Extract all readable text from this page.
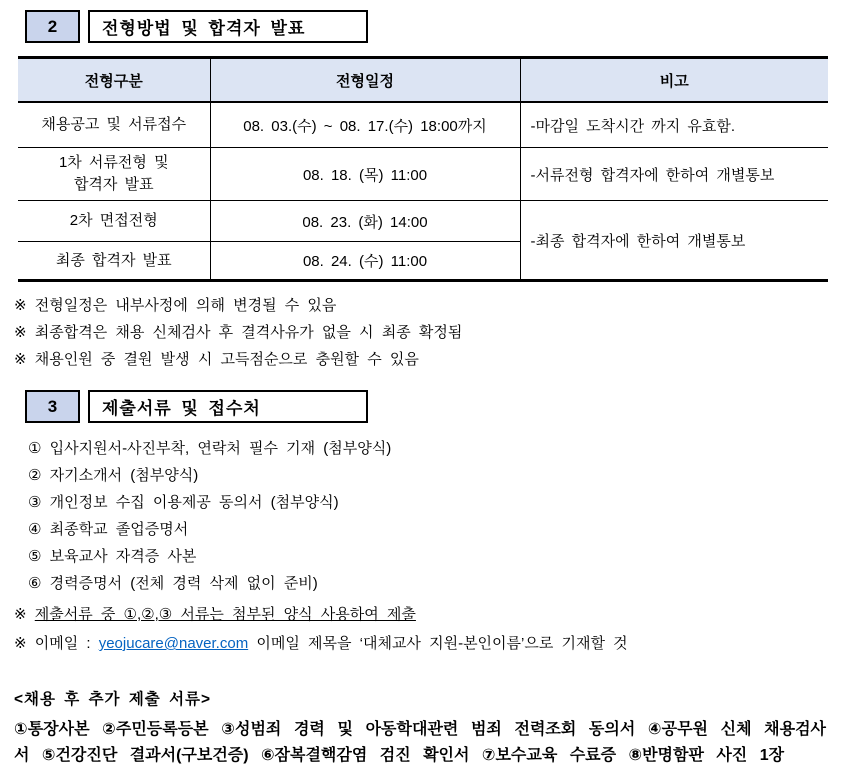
2	전형방법 및 합격자 발표
전형구분	전형일정	비고
채용공고 및 서류접수	08. 03.(수) ~ 08. 17.(수) 18:00까지	-마감일 도착시간 까지 유효함.
1차 서류전형 및
합격자 발표	08. 18. (목) 11:00	-서류전형 합격자에 한하여 개별통보
2차 면접전형	08. 23. (화) 14:00	-최종 합격자에 한하여 개별통보
최종 합격자 발표	08. 24. (수) 11:00	
※ 전형일정은 내부사정에 의해 변경될 수 있음
※ 최종합격은 채용 신체검사 후 결격사유가 없을 시 최종 확정됨
※ 채용인원 중 결원 발생 시 고득점순으로 충원할 수 있음
3	제출서류 및 접수처
① 입사지원서-사진부착, 연락처 필수 기재 (첨부양식)
② 자기소개서 (첨부양식)
③ 개인정보 수집 이용제공 동의서 (첨부양식)
④ 최종학교 졸업증명서
⑤ 보육교사 자격증 사본
⑥ 경력증명서 (전체 경력 삭제 없이 준비)
※ 제출서류 중 ①,②,③ 서류는 첨부된 양식 사용하여 제출
※ 이메일 : yeojucare@naver.com 이메일 제목을 ‘대체교사 지원-본인이름’으로 기재할 것
<채용 후 추가 제출 서류>
①통장사본 ②주민등록등본 ③성범죄 경력 및 아동학대관련 범죄 전력조회 동의서 ④공무원 신체 채용검사서 ⑤건강진단 결과서(구보건증) ⑥잠복결핵감염 검진 확인서 ⑦보수교육 수료증 ⑧반명함판 사진 1장
